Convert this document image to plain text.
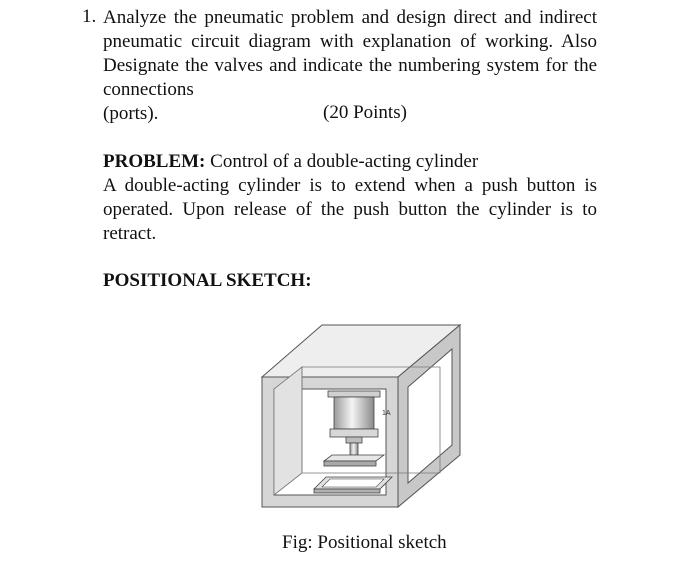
1. Analyze the pneumatic problem and design direct and indirect pneumatic circuit diagram with explanation of working. Also Designate the valves and indicate the numbering system for the connections
(ports).	(20 Points)
PROBLEM: Control of a double-acting cylinder
A double-acting cylinder is to extend when a push button is operated. Upon release of the push button the cylinder is to retract.
POSITIONAL SKETCH:
1A
Fig: Positional sketch
